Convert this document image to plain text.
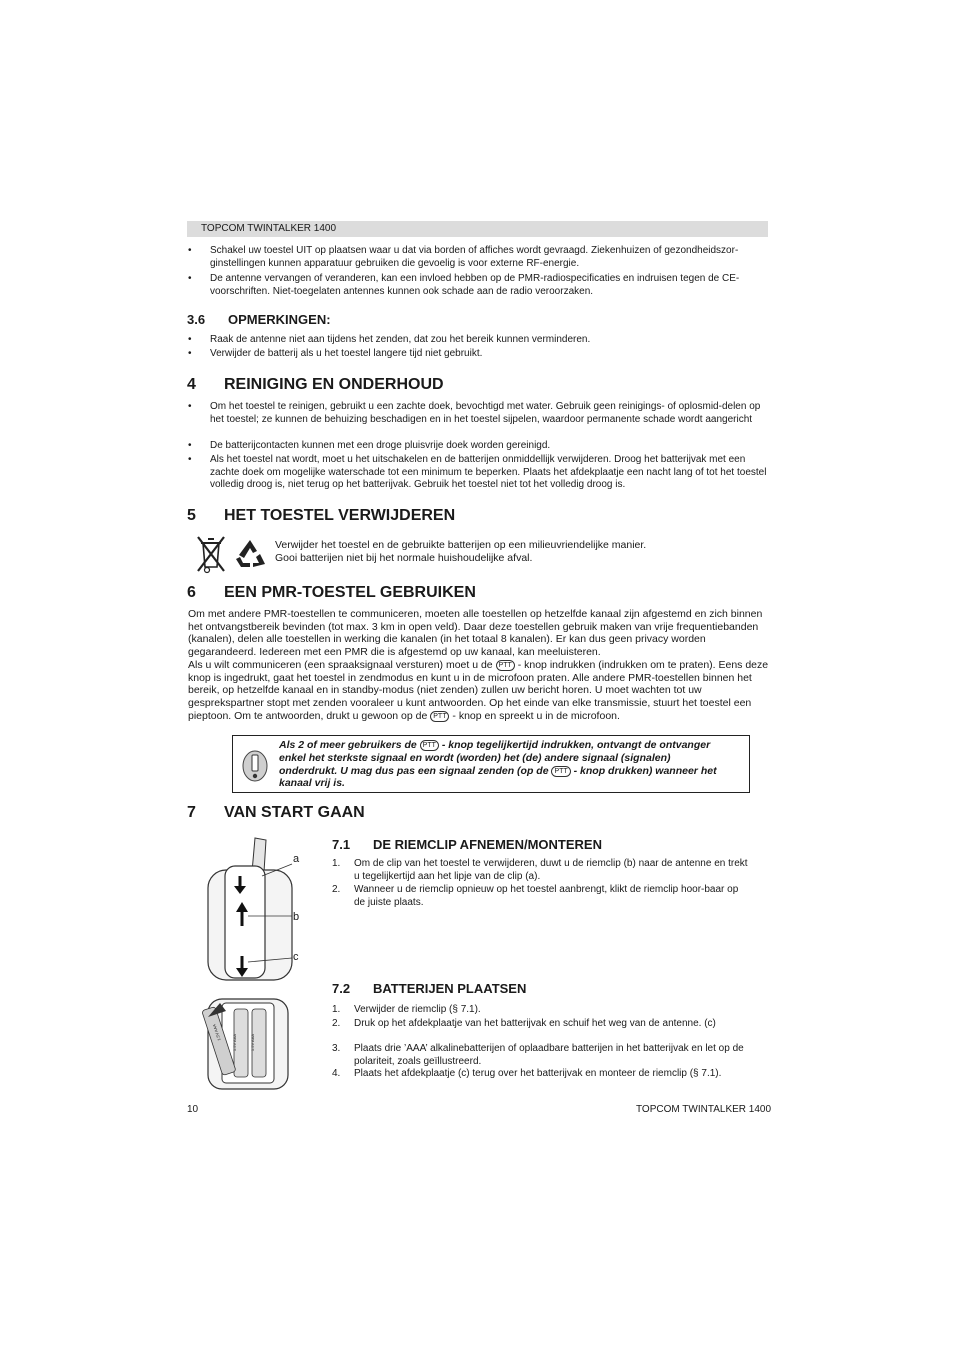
TOPCOM TWINTALKER 1400
• Schakel uw toestel UIT op plaatsen waar u dat via borden of affiches wordt gevraagd. Ziekenhuizen of gezondheidszor-ginstellingen kunnen apparatuur gebruiken die gevoelig is voor externe RF-energie.
• De antenne vervangen of veranderen, kan een invloed hebben op de PMR-radiospecificaties en indruisen tegen de CE-voorschriften. Niet-toegelaten antennes kunnen ook schade aan de radio veroorzaken.
3.6 OPMERKINGEN:
• Raak de antenne niet aan tijdens het zenden, dat zou het bereik kunnen verminderen.
• Verwijder de batterij als u het toestel langere tijd niet gebruikt.
4 REINIGING EN ONDERHOUD
• Om het toestel te reinigen, gebruikt u een zachte doek, bevochtigd met water. Gebruik geen reinigings- of oplosmid-delen op het toestel; ze kunnen de behuizing beschadigen en in het toestel sijpelen, waardoor permanente schade wordt aangericht
• De batterijcontacten kunnen met een droge pluisvrije doek worden gereinigd.
• Als het toestel nat wordt, moet u het uitschakelen en de batterijen onmiddellijk verwijderen. Droog het batterijvak met een zachte doek om mogelijke waterschade tot een minimum te beperken. Plaats het afdekplaatje een nacht lang of tot het toestel volledig droog is, niet terug op het batterijvak. Gebruik het toestel niet tot het volledig droog is.
5 HET TOESTEL VERWIJDEREN
Verwijder het toestel en de gebruikte batterijen op een milieuvriendelijke manier.
Gooi batterijen niet bij het normale huishoudelijke afval.
6 EEN PMR-TOESTEL GEBRUIKEN
Om met andere PMR-toestellen te communiceren, moeten alle toestellen op hetzelfde kanaal zijn afgestemd en zich binnen het ontvangstbereik bevinden (tot max. 3 km in open veld). Daar deze toestellen gebruik maken van vrije frequentiebanden (kanalen), delen alle toestellen in werking die kanalen (in het totaal 8 kanalen). Er kan dus geen privacy worden gegarandeerd. Iedereen met een PMR die is afgestemd op uw kanaal, kan meeluisteren.
Als u wilt communiceren (een spraaksignaal versturen) moet u de PTT - knop indrukken (indrukken om te praten). Eens deze knop is ingedrukt, gaat het toestel in zendmodus en kunt u in de microfoon praten. Alle andere PMR-toestellen binnen het bereik, op hetzelfde kanaal en in standby-modus (niet zenden) zullen uw bericht horen. U moet wachten tot uw gesprekspartner stopt met zenden vooraleer u kunt antwoorden. Op het einde van elke transmissie, stuurt het toestel een pieptoon. Om te antwoorden, drukt u gewoon op de PTT - knop en spreekt u in de microfoon.
Als 2 of meer gebruikers de PTT - knop tegelijkertijd indrukken, ontvangt de ontvanger enkel het sterkste signaal en wordt (worden) het (de) andere signaal (signalen) onderdrukt. U mag dus pas een signaal zenden (op de PTT - knop drukken) wanneer het kanaal vrij is.
7 VAN START GAAN
a
b
c
1.5V AAA
1.5V AAA	1.5V AAA
7.1 DE RIEMCLIP AFNEMEN/MONTEREN
1. Om de clip van het toestel te verwijderen, duwt u de riemclip (b) naar de antenne en trekt u tegelijkertijd aan het lipje van de clip (a).
2. Wanneer u de riemclip opnieuw op het toestel aanbrengt, klikt de riemclip hoor-baar op de juiste plaats.
7.2 BATTERIJEN PLAATSEN
1. Verwijder de riemclip (§ 7.1).
2. Druk op het afdekplaatje van het batterijvak en schuif het weg van de antenne. (c)
3. Plaats drie ’AAA’ alkalinebatterijen of oplaadbare batterijen in het batterijvak en let op de polariteit, zoals geïllustreerd.
4. Plaats het afdekplaatje (c) terug over het batterijvak en monteer de riemclip (§ 7.1).
10	TOPCOM TWINTALKER 1400
